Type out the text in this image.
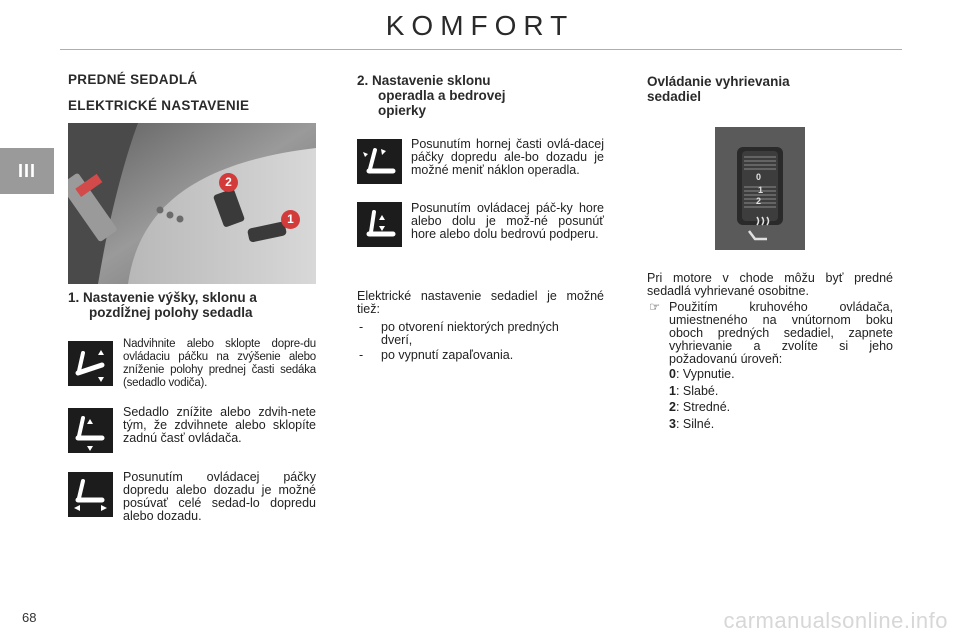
KOMFORT
III
PREDNÉ SEDADLÁ
ELEKTRICKÉ NASTAVENIE
2
1
1. Nastavenie výšky, sklonu a
pozdĺžnej polohy sedadla
Nadvihnite alebo sklopte dopre-du ovládaciu páčku na zvýšenie alebo zníženie polohy prednej časti sedáka (sedadlo vodiča).
Sedadlo znížite alebo zdvih-nete tým, že zdvihnete alebo sklopíte zadnú časť ovládača.
Posunutím ovládacej páčky dopredu alebo dozadu je možné posúvať celé sedad-lo dopredu alebo dozadu.
2. Nastavenie sklonu
operadla a bedrovej
opierky
Posunutím hornej časti ovlá-dacej páčky dopredu ale-bo dozadu je možné meniť náklon operadla.
Posunutím ovládacej páč-ky hore alebo dolu je mož-né posunúť hore alebo dolu bedrovú podperu.
Elektrické nastavenie sedadiel je možné tiež:
- po otvorení niektorých predných
dverí,
- po vypnutí zapaľovania.
Ovládanie vyhrievania
sedadiel
0
1
2
Pri motore v chode môžu byť predné sedadlá vyhrievané osobitne.
☞ Použitím kruhového ovládača, umiestneného na vnútornom boku oboch predných sedadiel, zapnete vyhrievanie a zvolíte si jeho požadovanú úroveň:
0: Vypnutie.
1: Slabé.
2: Stredné.
3: Silné.
68	carmanualsonline.info
